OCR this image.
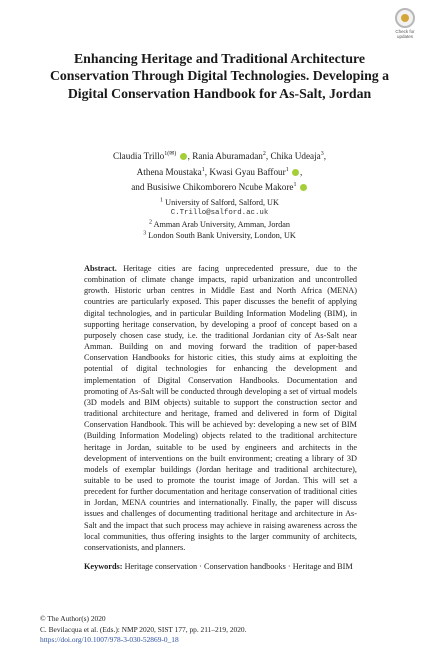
Check for
updates
Enhancing Heritage and Traditional Architecture Conservation Through Digital Technologies. Developing a Digital Conservation Handbook for As-Salt, Jordan
Claudia Trillo$^{1(✉)}$ , Rania Aburamadan$^2$, Chika Udeaja$^3$,
Athena Moustaka$^1$, Kwasi Gyau Baffour$^1$ ,
and Busisiwe Chikomborero Ncube Makore$^1$
$^1$ University of Salford, Salford, UK
C.Trillo@salford.ac.uk
$^2$ Amman Arab University, Amman, Jordan
$^3$ London South Bank University, London, UK
Abstract. Heritage cities are facing unprecedented pressure, due to the combination of climate change impacts, rapid urbanization and uncontrolled growth. Historic urban centres in Middle East and North Africa (MENA) countries are particularly exposed. This paper discusses the benefit of applying digital technologies, and in particular Building Information Modeling (BIM), in supporting heritage conservation, by developing a proof of concept based on a purposely chosen case study, i.e. the traditional Jordanian city of As-Salt near Amman. Building on and moving forward the tradition of paper-based Conservation Handbooks for historic cities, this study aims at exploiting the potential of digital technologies for enhancing the development and implementation of Digital Conservation Handbooks. Documentation and promoting of As-Salt will be conducted through developing a set of virtual models (3D models and BIM objects) suitable to support the construction sector and traditional architecture and heritage, framed and delivered in form of Digital Conservation Handbook. This will be achieved by: developing a new set of BIM (Building Information Modeling) objects related to the traditional architecture heritage in Jordan, suitable to be used by engineers and architects in the development of interventions on the built environment; creating a library of 3D models of exemplar buildings (Jordan heritage and traditional architecture), suitable to be used to promote the tourist image of Jordan. This will set a precedent for further documentation and heritage conservation of traditional cities in Jordan, MENA countries and internationally. Finally, the paper will discuss issues and challenges of documenting traditional heritage and architecture in As-Salt and the impact that such process may achieve in raising awareness across the local communities, thus offering insights to the larger community of architects, conservationists, and planners.
Keywords: Heritage conservation · Conservation handbooks · Heritage and BIM
© The Author(s) 2020
C. Bevilacqua et al. (Eds.): NMP 2020, SIST 177, pp. 211–219, 2020.
https://doi.org/10.1007/978-3-030-52869-0_18
